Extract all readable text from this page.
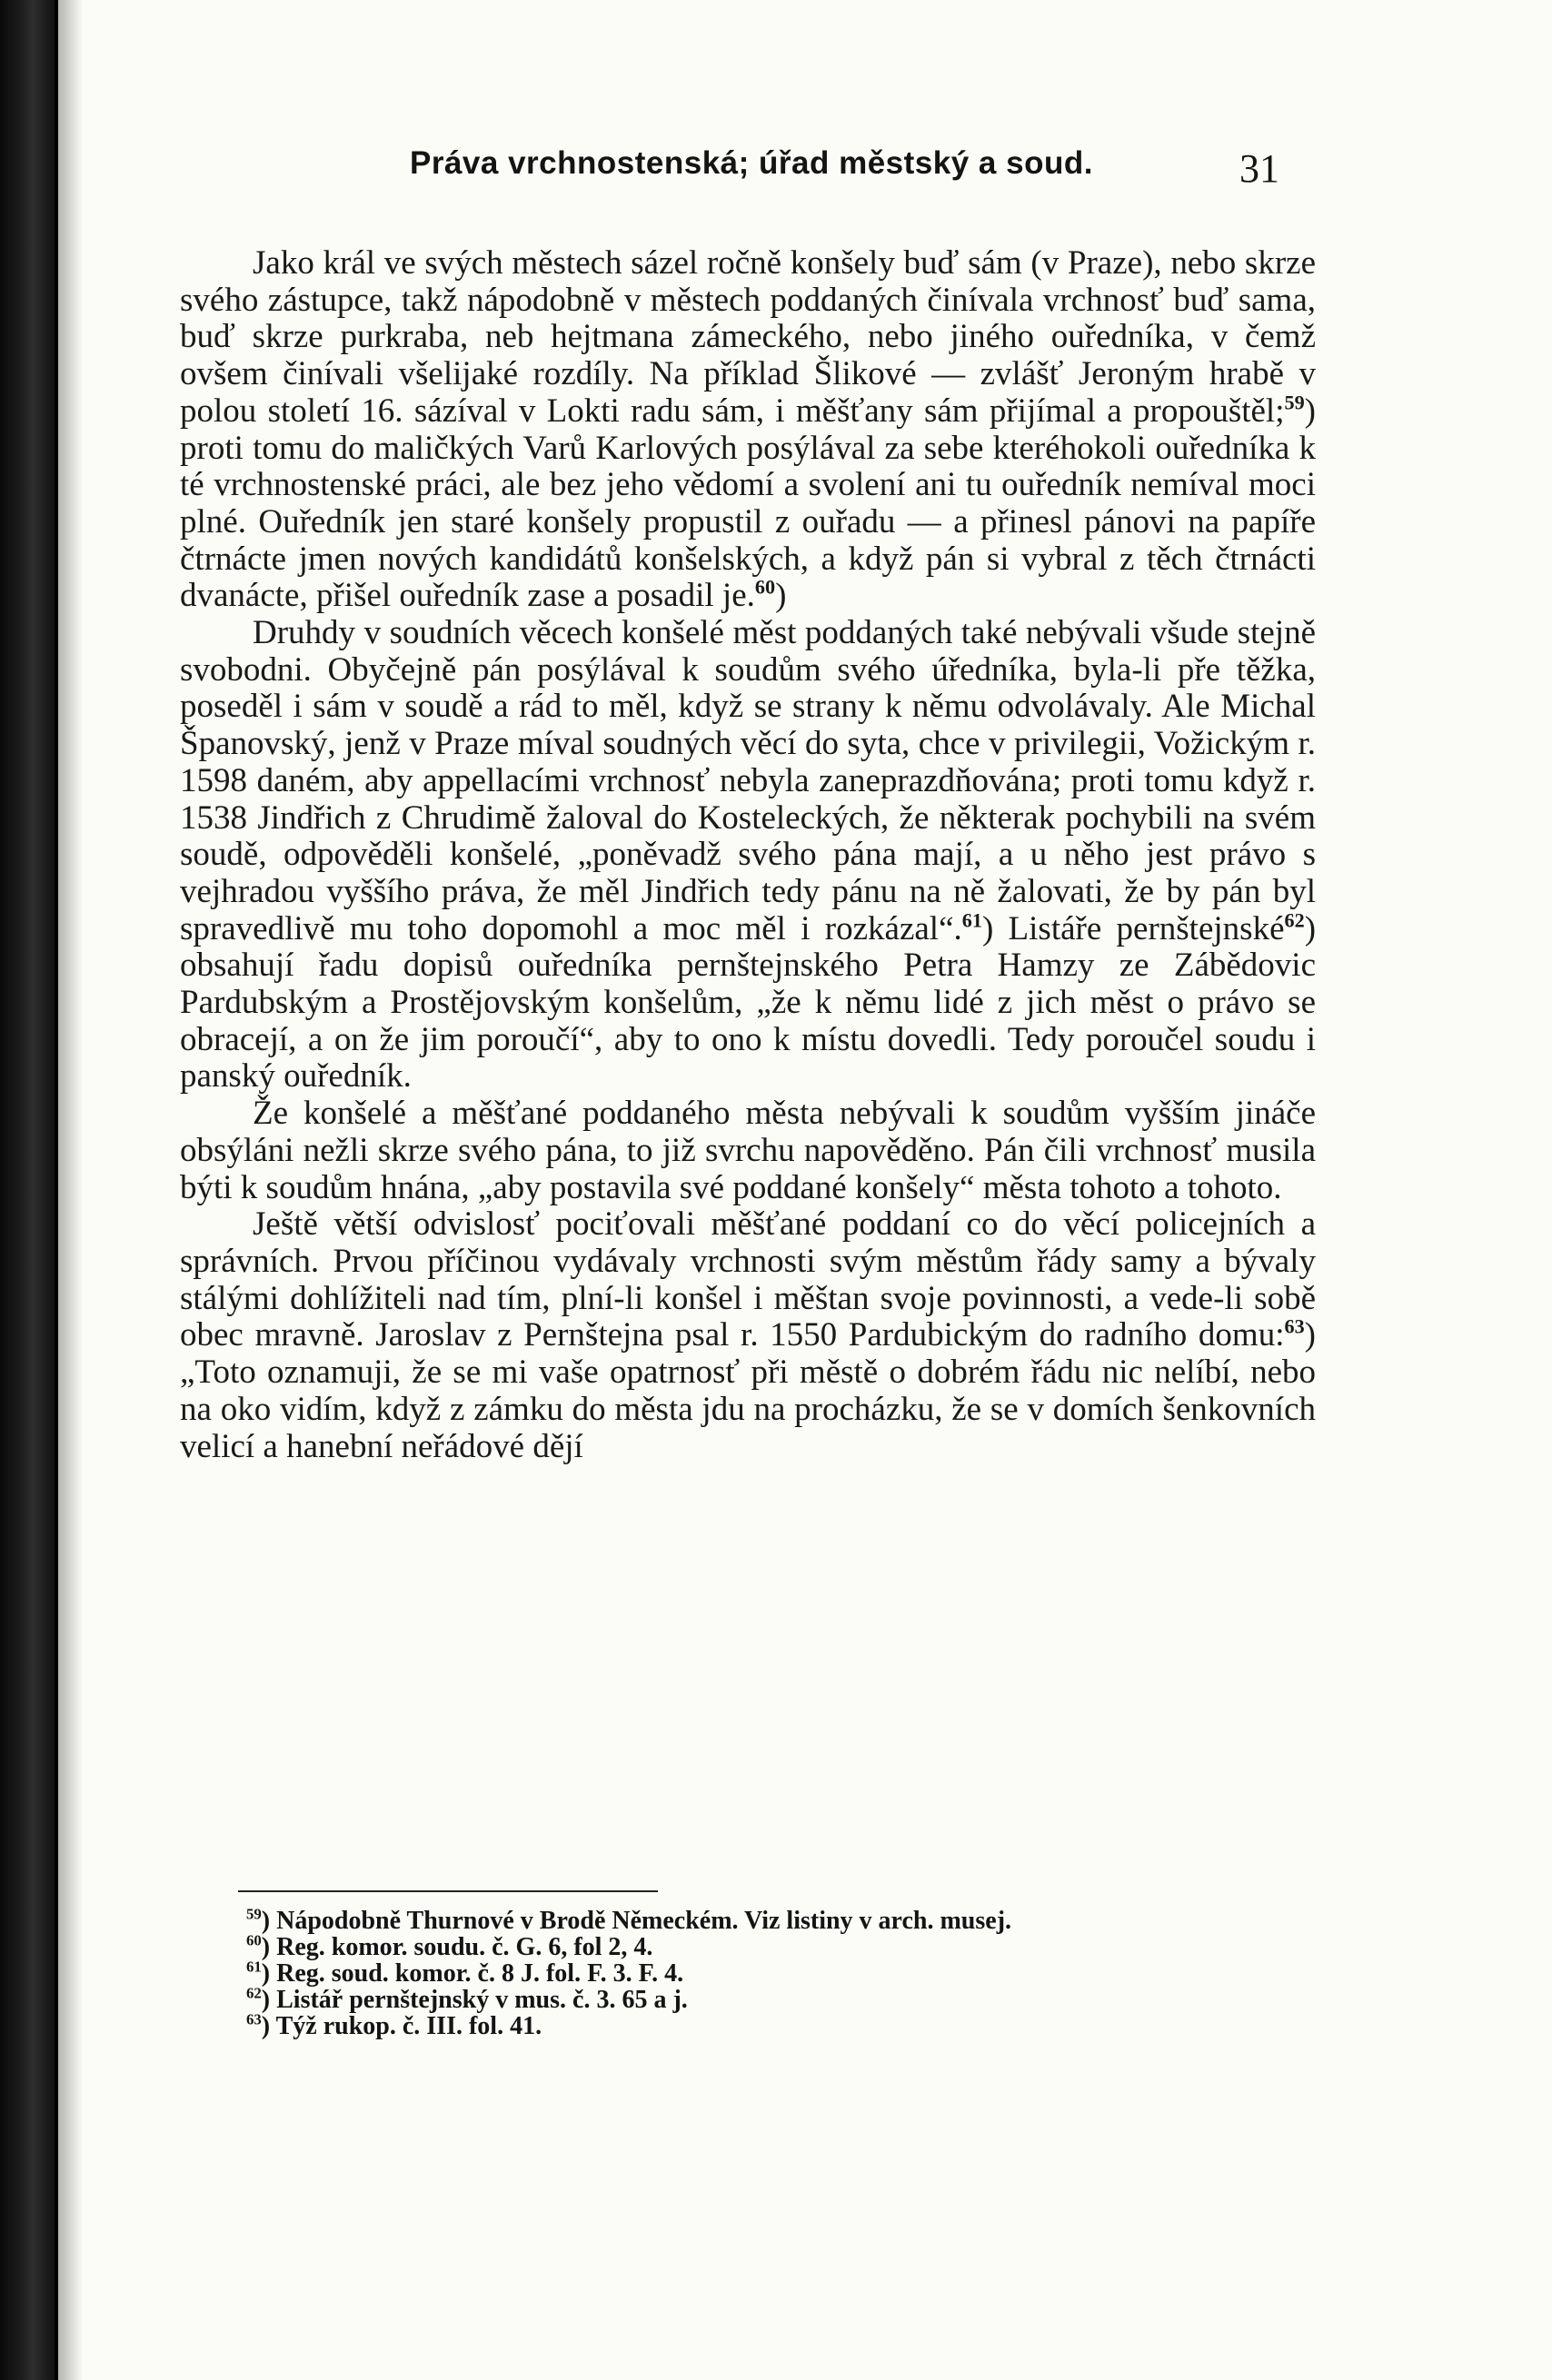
Práva vrchnostenská; úřad městský a soud.	31

Jako král ve svých městech sázel ročně konšely buď sám (v Praze), nebo skrze svého zástupce, takž nápodobně v městech poddaných činívala vrchnosť buď sama, buď skrze purkraba, neb hejtmana zámeckého, nebo jiného ouředníka, v čemž ovšem činívali všelijaké rozdíly. Na příklad Šlikové — zvlášť Jeroným hrabě v polou století 16. sázíval v Lokti radu sám, i měšťany sám přijímal a propouštěl;$^{59}$) proti tomu do maličkých Varů Karlových posýlával za sebe kteréhokoli ouředníka k té vrchnostenské práci, ale bez jeho vědomí a svolení ani tu ouředník nemíval moci plné. Ouředník jen staré konšely propustil z ouřadu — a přinesl pánovi na papíře čtrnácte jmen nových kandidátů konšelských, a když pán si vybral z těch čtrnácti dvanácte, přišel ouředník zase a posadil je.$^{60}$)

Druhdy v soudních věcech konšelé měst poddaných také nebývali všude stejně svobodni. Obyčejně pán posýlával k soudům svého úředníka, byla-li pře těžka, poseděl i sám v soudě a rád to měl, když se strany k němu odvolávaly. Ale Michal Španovský, jenž v Praze míval soudných věcí do syta, chce v privilegii, Vožickým r. 1598 daném, aby appellacími vrchnosť nebyla zaneprazdňována; proti tomu když r. 1538 Jindřich z Chrudimě žaloval do Kosteleckých, že některak pochybili na svém soudě, odpověděli konšelé, „poněvadž svého pána mají, a u něho jest právo s vejhradou vyššího práva, že měl Jindřich tedy pánu na ně žalovati, že by pán byl spravedlivě mu toho dopomohl a moc měl i rozkázal“.$^{61}$) Listáře pernštejnské$^{62}$) obsahují řadu dopisů ouředníka pernštejnského Petra Hamzy ze Zábědovic Pardubským a Prostějovským konšelům, „že k němu lidé z jich měst o právo se obracejí, a on že jim poroučí“, aby to ono k místu dovedli. Tedy poroučel soudu i panský ouředník.

Že konšelé a měšťané poddaného města nebývali k soudům vyšším jináče obsýláni nežli skrze svého pána, to již svrchu napověděno. Pán čili vrchnosť musila býti k soudům hnána, „aby postavila své poddané konšely“ města tohoto a tohoto.

Ještě větší odvislosť pociťovali měšťané poddaní co do věcí policejních a správních. Prvou příčinou vydávaly vrchnosti svým městům řády samy a bývaly stálými dohlížiteli nad tím, plní-li konšel i měštan svoje povinnosti, a vede-li sobě obec mravně. Jaroslav z Pernštejna psal r. 1550 Pardubickým do radního domu:$^{63}$) „Toto oznamuji, že se mi vaše opatrnosť při městě o dobrém řádu nic nelíbí, nebo na oko vidím, když z zámku do města jdu na procházku, že se v domích šenkovních velicí a hanební neřádové dějí

$^{59}$) Nápodobně Thurnové v Brodě Německém. Viz listiny v arch. musej.
$^{60}$) Reg. komor. soudu. č. G. 6, fol 2, 4.
$^{61}$) Reg. soud. komor. č. 8 J. fol. F. 3. F. 4.
$^{62}$) Listář pernštejnský v mus. č. 3. 65 a j.
$^{63}$) Týž rukop. č. III. fol. 41.
